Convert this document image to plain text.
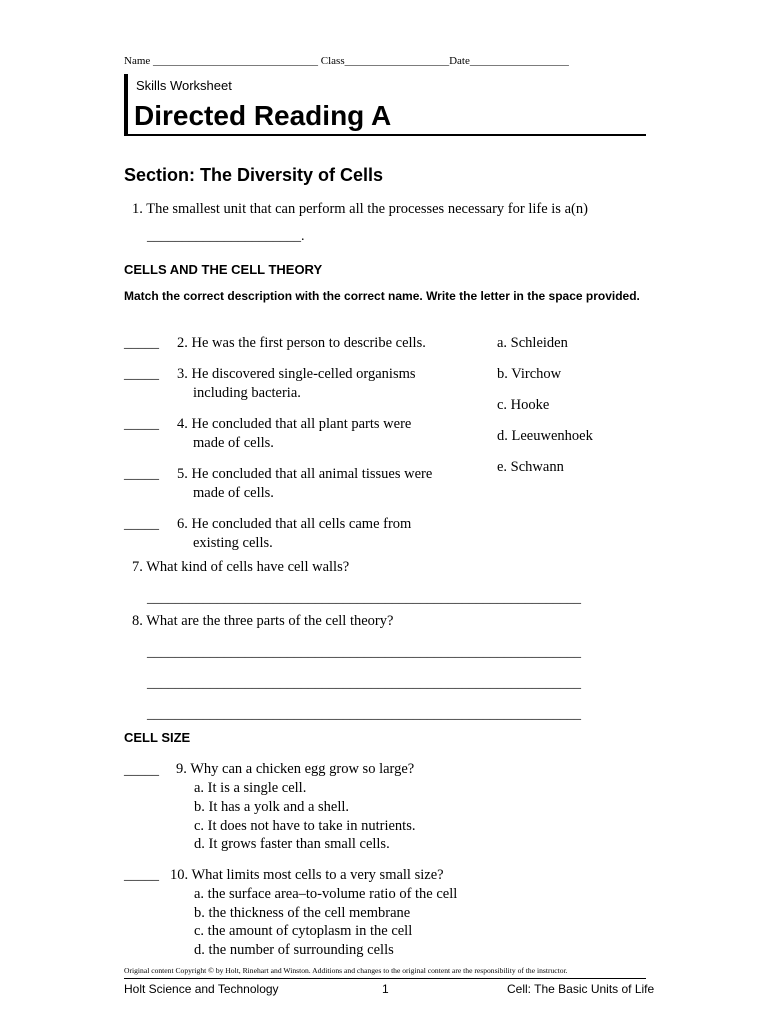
Name ______________________________ Class___________________Date__________________
Skills Worksheet
Directed Reading A
Section: The Diversity of Cells
1. The smallest unit that can perform all the processes necessary for life is a(n)
______________________.
CELLS AND THE CELL THEORY
Match the correct description with the correct name. Write the letter in the space provided.
_____ 2. He was the first person to describe cells.
_____ 3. He discovered single-celled organisms
including bacteria.
_____ 4. He concluded that all plant parts were
made of cells.
_____ 5. He concluded that all animal tissues were
made of cells.
_____ 6. He concluded that all cells came from
existing cells.
a. Schleiden
b. Virchow
c. Hooke
d. Leeuwenhoek
e. Schwann
7. What kind of cells have cell walls?
______________________________________________________________
8. What are the three parts of the cell theory?
______________________________________________________________
______________________________________________________________
______________________________________________________________
CELL SIZE
_____ 9. Why can a chicken egg grow so large?
a. It is a single cell.
b. It has a yolk and a shell.
c. It does not have to take in nutrients.
d. It grows faster than small cells.
_____ 10. What limits most cells to a very small size?
a. the surface area–to-volume ratio of the cell
b. the thickness of the cell membrane
c. the amount of cytoplasm in the cell
d. the number of surrounding cells
Original content Copyright © by Holt, Rinehart and Winston. Additions and changes to the original content are the responsibility of the instructor.
Holt Science and Technology	1	Cell: The Basic Units of Life
